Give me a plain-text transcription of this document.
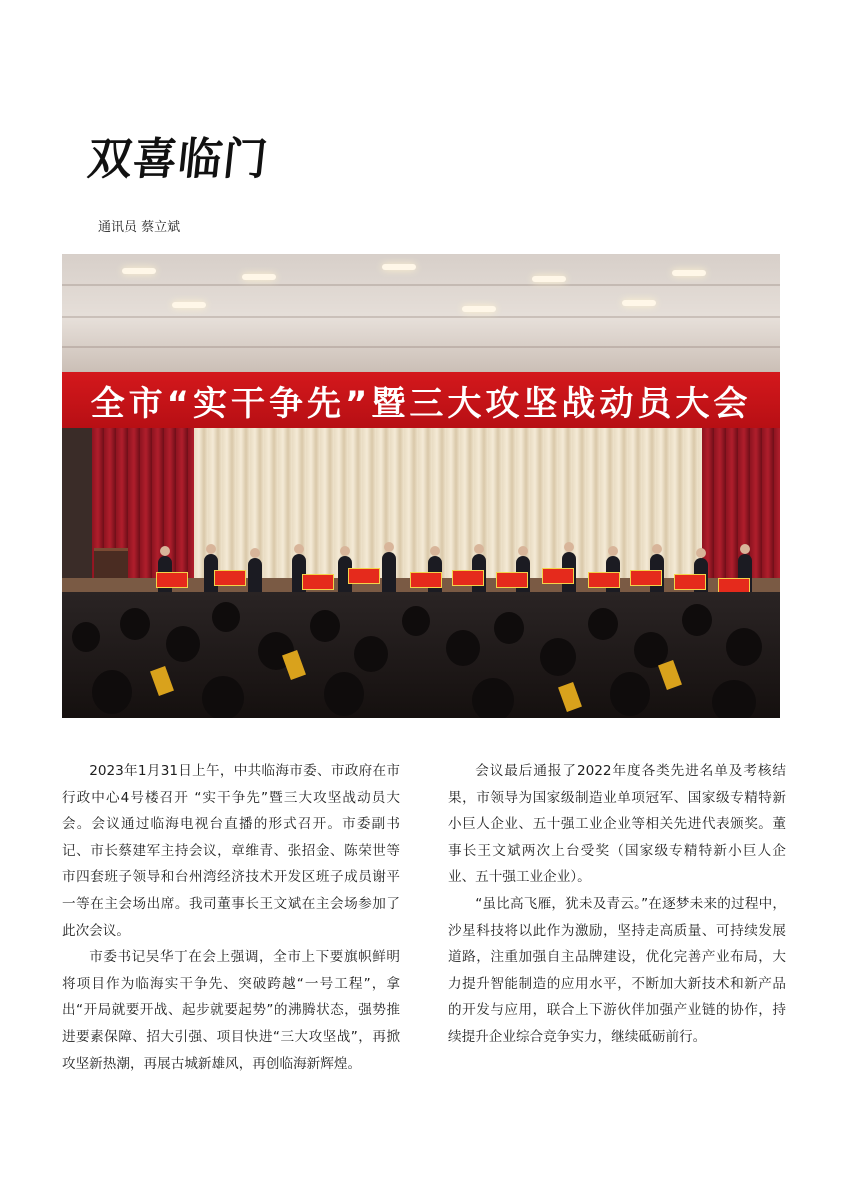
双喜临门
通讯员 蔡立斌
全市“实干争先”暨三大攻坚战动员大会

2023年1月31日上午，中共临海市委、市政府在市行政中心4号楼召开 “实干争先”暨三大攻坚战动员大会。会议通过临海电视台直播的形式召开。市委副书记、市长蔡建军主持会议，章维青、张招金、陈荣世等市四套班子领导和台州湾经济技术开发区班子成员谢平一等在主会场出席。我司董事长王文斌在主会场参加了此次会议。

市委书记吴华丁在会上强调，全市上下要旗帜鲜明将项目作为临海实干争先、突破跨越“一号工程”，拿出“开局就要开战、起步就要起势”的沸腾状态，强势推进要素保障、招大引强、项目快进“三大攻坚战”，再掀攻坚新热潮，再展古城新雄风，再创临海新辉煌。

会议最后通报了2022年度各类先进名单及考核结果，市领导为国家级制造业单项冠军、国家级专精特新小巨人企业、五十强工业企业等相关先进代表颁奖。董事长王文斌两次上台受奖（国家级专精特新小巨人企业、五十强工业企业）。

“虽比高飞雁，犹未及青云。”在逐梦未来的过程中，沙星科技将以此作为激励，坚持走高质量、可持续发展道路，注重加强自主品牌建设，优化完善产业布局，大力提升智能制造的应用水平，不断加大新技术和新产品的开发与应用，联合上下游伙伴加强产业链的协作，持续提升企业综合竞争实力，继续砥砺前行。
